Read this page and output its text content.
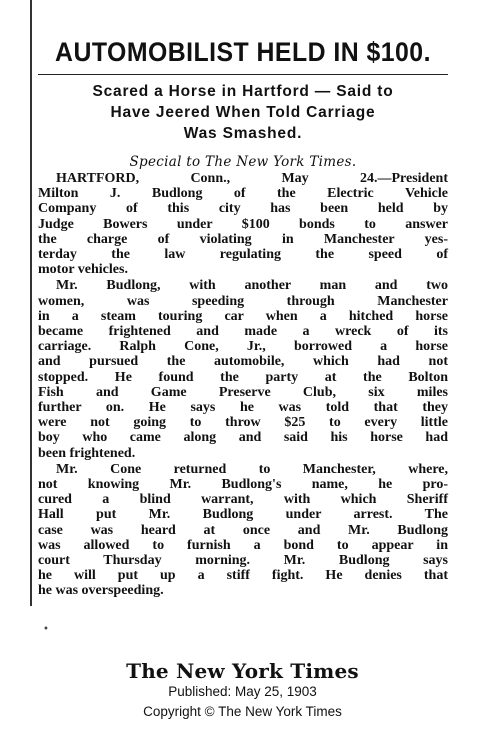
AUTOMOBILIST HELD IN $100.
Scared a Horse in Hartford — Said to
Have Jeered When Told Carriage
Was Smashed.
Special to The New York Times.
HARTFORD, Conn., May 24.—President
Milton J. Budlong of the Electric Vehicle
Company of this city has been held by
Judge Bowers under $100 bonds to answer
the charge of violating in Manchester yes-
terday the law regulating the speed of
motor vehicles.
Mr. Budlong, with another man and two
women, was speeding through Manchester
in a steam touring car when a hitched horse
became frightened and made a wreck of its
carriage. Ralph Cone, Jr., borrowed a horse
and pursued the automobile, which had not
stopped. He found the party at the Bolton
Fish and Game Preserve Club, six miles
further on. He says he was told that they
were not going to throw $25 to every little
boy who came along and said his horse had
been frightened.
Mr. Cone returned to Manchester, where,
not knowing Mr. Budlong's name, he pro-
cured a blind warrant, with which Sheriff
Hall put Mr. Budlong under arrest. The
case was heard at once and Mr. Budlong
was allowed to furnish a bond to appear in
court Thursday morning. Mr. Budlong says
he will put up a stiff fight. He denies that
he was overspeeding.
•
The New York Times
Published: May 25, 1903
Copyright © The New York Times
